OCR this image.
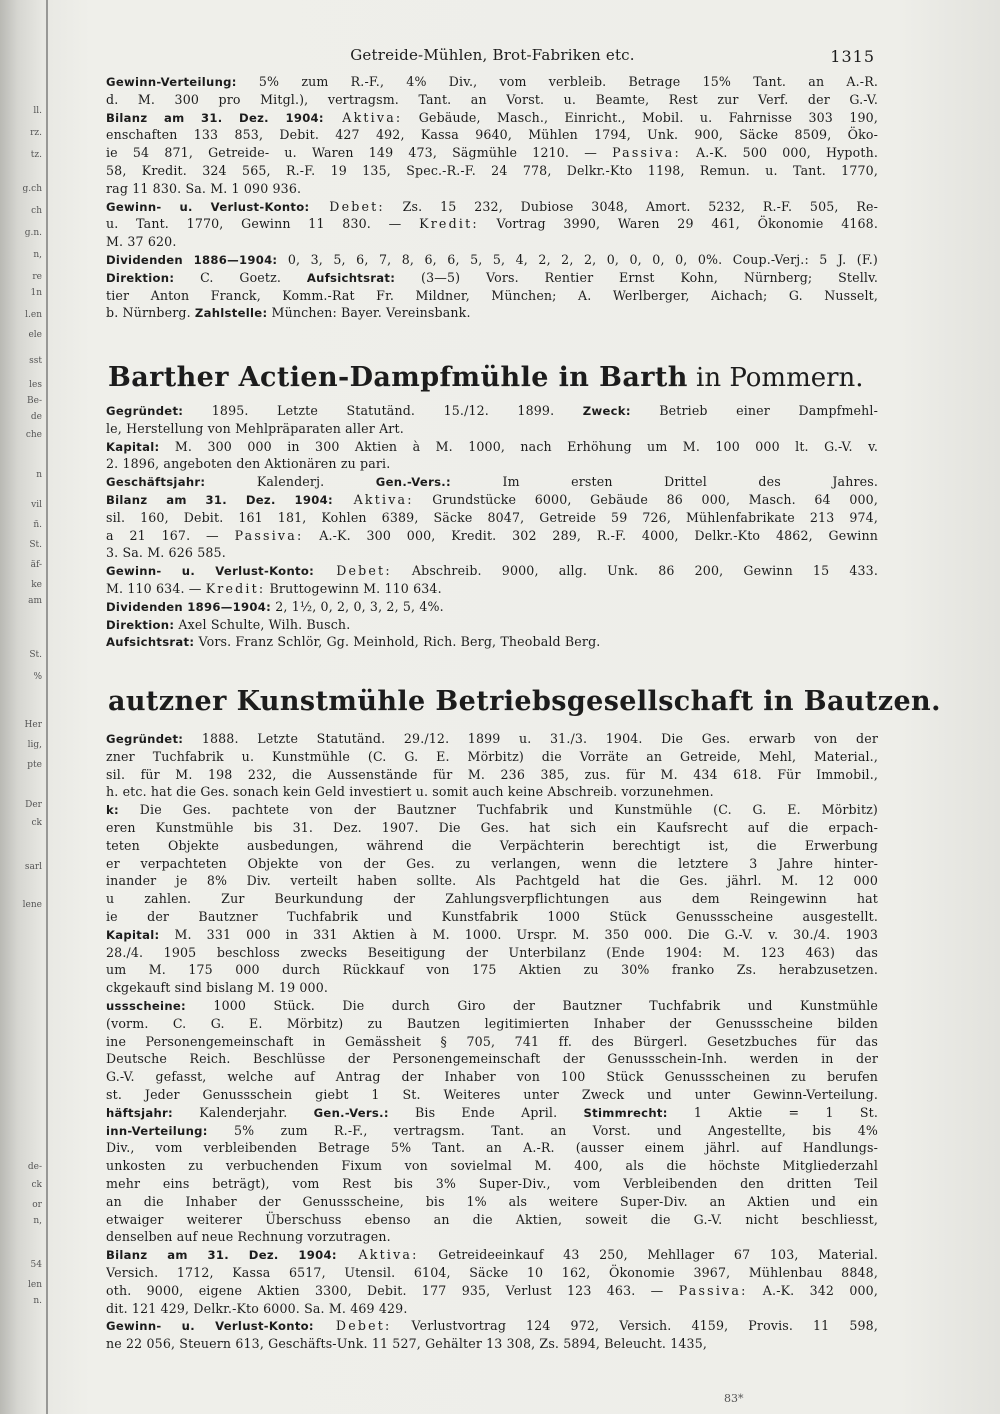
ll.
rz.
tz.
g.ch
ch
g.n.
n,
re
1n
l.en
ele
sst
les
Be-
de
che
n
vil
ñ.
St.
äf-
ke
am
St.
%
Her
lig,
pte
Der
ck
sarl
lene
de-
ck
or
n,
54
len
n.
Getreide-Mühlen, Brot-Fabriken etc.	1315
Gewinn-Verteilung: 5% zum R.-F., 4% Div., vom verbleib. Betrage 15% Tant. an A.-R.
d. M. 300 pro Mitgl.), vertragsm. Tant. an Vorst. u. Beamte, Rest zur Verf. der G.-V.
Bilanz am 31. Dez. 1904: Aktiva: Gebäude, Masch., Einricht., Mobil. u. Fahrnisse 303 190,
enschaften 133 853, Debit. 427 492, Kassa 9640, Mühlen 1794, Unk. 900, Säcke 8509, Öko-
ie 54 871, Getreide- u. Waren 149 473, Sägmühle 1210. — Passiva: A.-K. 500 000, Hypoth.
58, Kredit. 324 565, R.-F. 19 135, Spec.-R.-F. 24 778, Delkr.-Kto 1198, Remun. u. Tant. 1770,
rag 11 830. Sa. M. 1 090 936.
Gewinn- u. Verlust-Konto: Debet: Zs. 15 232, Dubiose 3048, Amort. 5232, R.-F. 505, Re-
u. Tant. 1770, Gewinn 11 830. — Kredit: Vortrag 3990, Waren 29 461, Ökonomie 4168.
M. 37 620.
Dividenden 1886—1904: 0, 3, 5, 6, 7, 8, 6, 6, 5, 5, 4, 2, 2, 2, 0, 0, 0, 0, 0%. Coup.-Verj.: 5 J. (F.)
Direktion: C. Goetz. Aufsichtsrat: (3—5) Vors. Rentier Ernst Kohn, Nürnberg; Stellv.
tier Anton Franck, Komm.-Rat Fr. Mildner, München; A. Werlberger, Aichach; G. Nusselt,
b. Nürnberg. Zahlstelle: München: Bayer. Vereinsbank.
Barther Actien-Dampfmühle in Barth in Pommern.
Gegründet: 1895. Letzte Statutänd. 15./12. 1899. Zweck: Betrieb einer Dampfmehl-
le, Herstellung von Mehlpräparaten aller Art.
Kapital: M. 300 000 in 300 Aktien à M. 1000, nach Erhöhung um M. 100 000 lt. G.-V. v.
2. 1896, angeboten den Aktionären zu pari.
Geschäftsjahr: Kalenderj. Gen.-Vers.: Im ersten Drittel des Jahres.
Bilanz am 31. Dez. 1904: Aktiva: Grundstücke 6000, Gebäude 86 000, Masch. 64 000,
sil. 160, Debit. 161 181, Kohlen 6389, Säcke 8047, Getreide 59 726, Mühlenfabrikate 213 974,
a 21 167. — Passiva: A.-K. 300 000, Kredit. 302 289, R.-F. 4000, Delkr.-Kto 4862, Gewinn
3. Sa. M. 626 585.
Gewinn- u. Verlust-Konto: Debet: Abschreib. 9000, allg. Unk. 86 200, Gewinn 15 433.
M. 110 634. — Kredit: Bruttogewinn M. 110 634.
Dividenden 1896—1904: 2, 1½, 0, 2, 0, 3, 2, 5, 4%.
Direktion: Axel Schulte, Wilh. Busch.
Aufsichtsrat: Vors. Franz Schlör, Gg. Meinhold, Rich. Berg, Theobald Berg.
autzner Kunstmühle Betriebsgesellschaft in Bautzen.
Gegründet: 1888. Letzte Statutänd. 29./12. 1899 u. 31./3. 1904. Die Ges. erwarb von der
zner Tuchfabrik u. Kunstmühle (C. G. E. Mörbitz) die Vorräte an Getreide, Mehl, Material.,
sil. für M. 198 232, die Aussenstände für M. 236 385, zus. für M. 434 618. Für Immobil.,
h. etc. hat die Ges. sonach kein Geld investiert u. somit auch keine Abschreib. vorzunehmen.
k: Die Ges. pachtete von der Bautzner Tuchfabrik und Kunstmühle (C. G. E. Mörbitz)
eren Kunstmühle bis 31. Dez. 1907. Die Ges. hat sich ein Kaufsrecht auf die erpach-
teten Objekte ausbedungen, während die Verpächterin berechtigt ist, die Erwerbung
er verpachteten Objekte von der Ges. zu verlangen, wenn die letztere 3 Jahre hinter-
inander je 8% Div. verteilt haben sollte. Als Pachtgeld hat die Ges. jährl. M. 12 000
u zahlen. Zur Beurkundung der Zahlungsverpflichtungen aus dem Reingewinn hat
ie der Bautzner Tuchfabrik und Kunstfabrik 1000 Stück Genussscheine ausgestellt.
Kapital: M. 331 000 in 331 Aktien à M. 1000. Urspr. M. 350 000. Die G.-V. v. 30./4. 1903
28./4. 1905 beschloss zwecks Beseitigung der Unterbilanz (Ende 1904: M. 123 463) das
um M. 175 000 durch Rückkauf von 175 Aktien zu 30% franko Zs. herabzusetzen.
ckgekauft sind bislang M. 19 000.
ussscheine: 1000 Stück. Die durch Giro der Bautzner Tuchfabrik und Kunstmühle
(vorm. C. G. E. Mörbitz) zu Bautzen legitimierten Inhaber der Genussscheine bilden
ine Personengemeinschaft in Gemässheit § 705, 741 ff. des Bürgerl. Gesetzbuches für das
Deutsche Reich. Beschlüsse der Personengemeinschaft der Genussschein-Inh. werden in der
G.-V. gefasst, welche auf Antrag der Inhaber von 100 Stück Genussscheinen zu berufen
st. Jeder Genussschein giebt 1 St. Weiteres unter Zweck und unter Gewinn-Verteilung.
häftsjahr: Kalenderjahr. Gen.-Vers.: Bis Ende April. Stimmrecht: 1 Aktie = 1 St.
inn-Verteilung: 5% zum R.-F., vertragsm. Tant. an Vorst. und Angestellte, bis 4%
Div., vom verbleibenden Betrage 5% Tant. an A.-R. (ausser einem jährl. auf Handlungs-
unkosten zu verbuchenden Fixum von sovielmal M. 400, als die höchste Mitgliederzahl
mehr eins beträgt), vom Rest bis 3% Super-Div., vom Verbleibenden den dritten Teil
an die Inhaber der Genussscheine, bis 1% als weitere Super-Div. an Aktien und ein
etwaiger weiterer Überschuss ebenso an die Aktien, soweit die G.-V. nicht beschliesst,
denselben auf neue Rechnung vorzutragen.
Bilanz am 31. Dez. 1904: Aktiva: Getreideeinkauf 43 250, Mehllager 67 103, Material.
Versich. 1712, Kassa 6517, Utensil. 6104, Säcke 10 162, Ökonomie 3967, Mühlenbau 8848,
oth. 9000, eigene Aktien 3300, Debit. 177 935, Verlust 123 463. — Passiva: A.-K. 342 000,
dit. 121 429, Delkr.-Kto 6000. Sa. M. 469 429.
Gewinn- u. Verlust-Konto: Debet: Verlustvortrag 124 972, Versich. 4159, Provis. 11 598,
ne 22 056, Steuern 613, Geschäfts-Unk. 11 527, Gehälter 13 308, Zs. 5894, Beleucht. 1435,
83*
